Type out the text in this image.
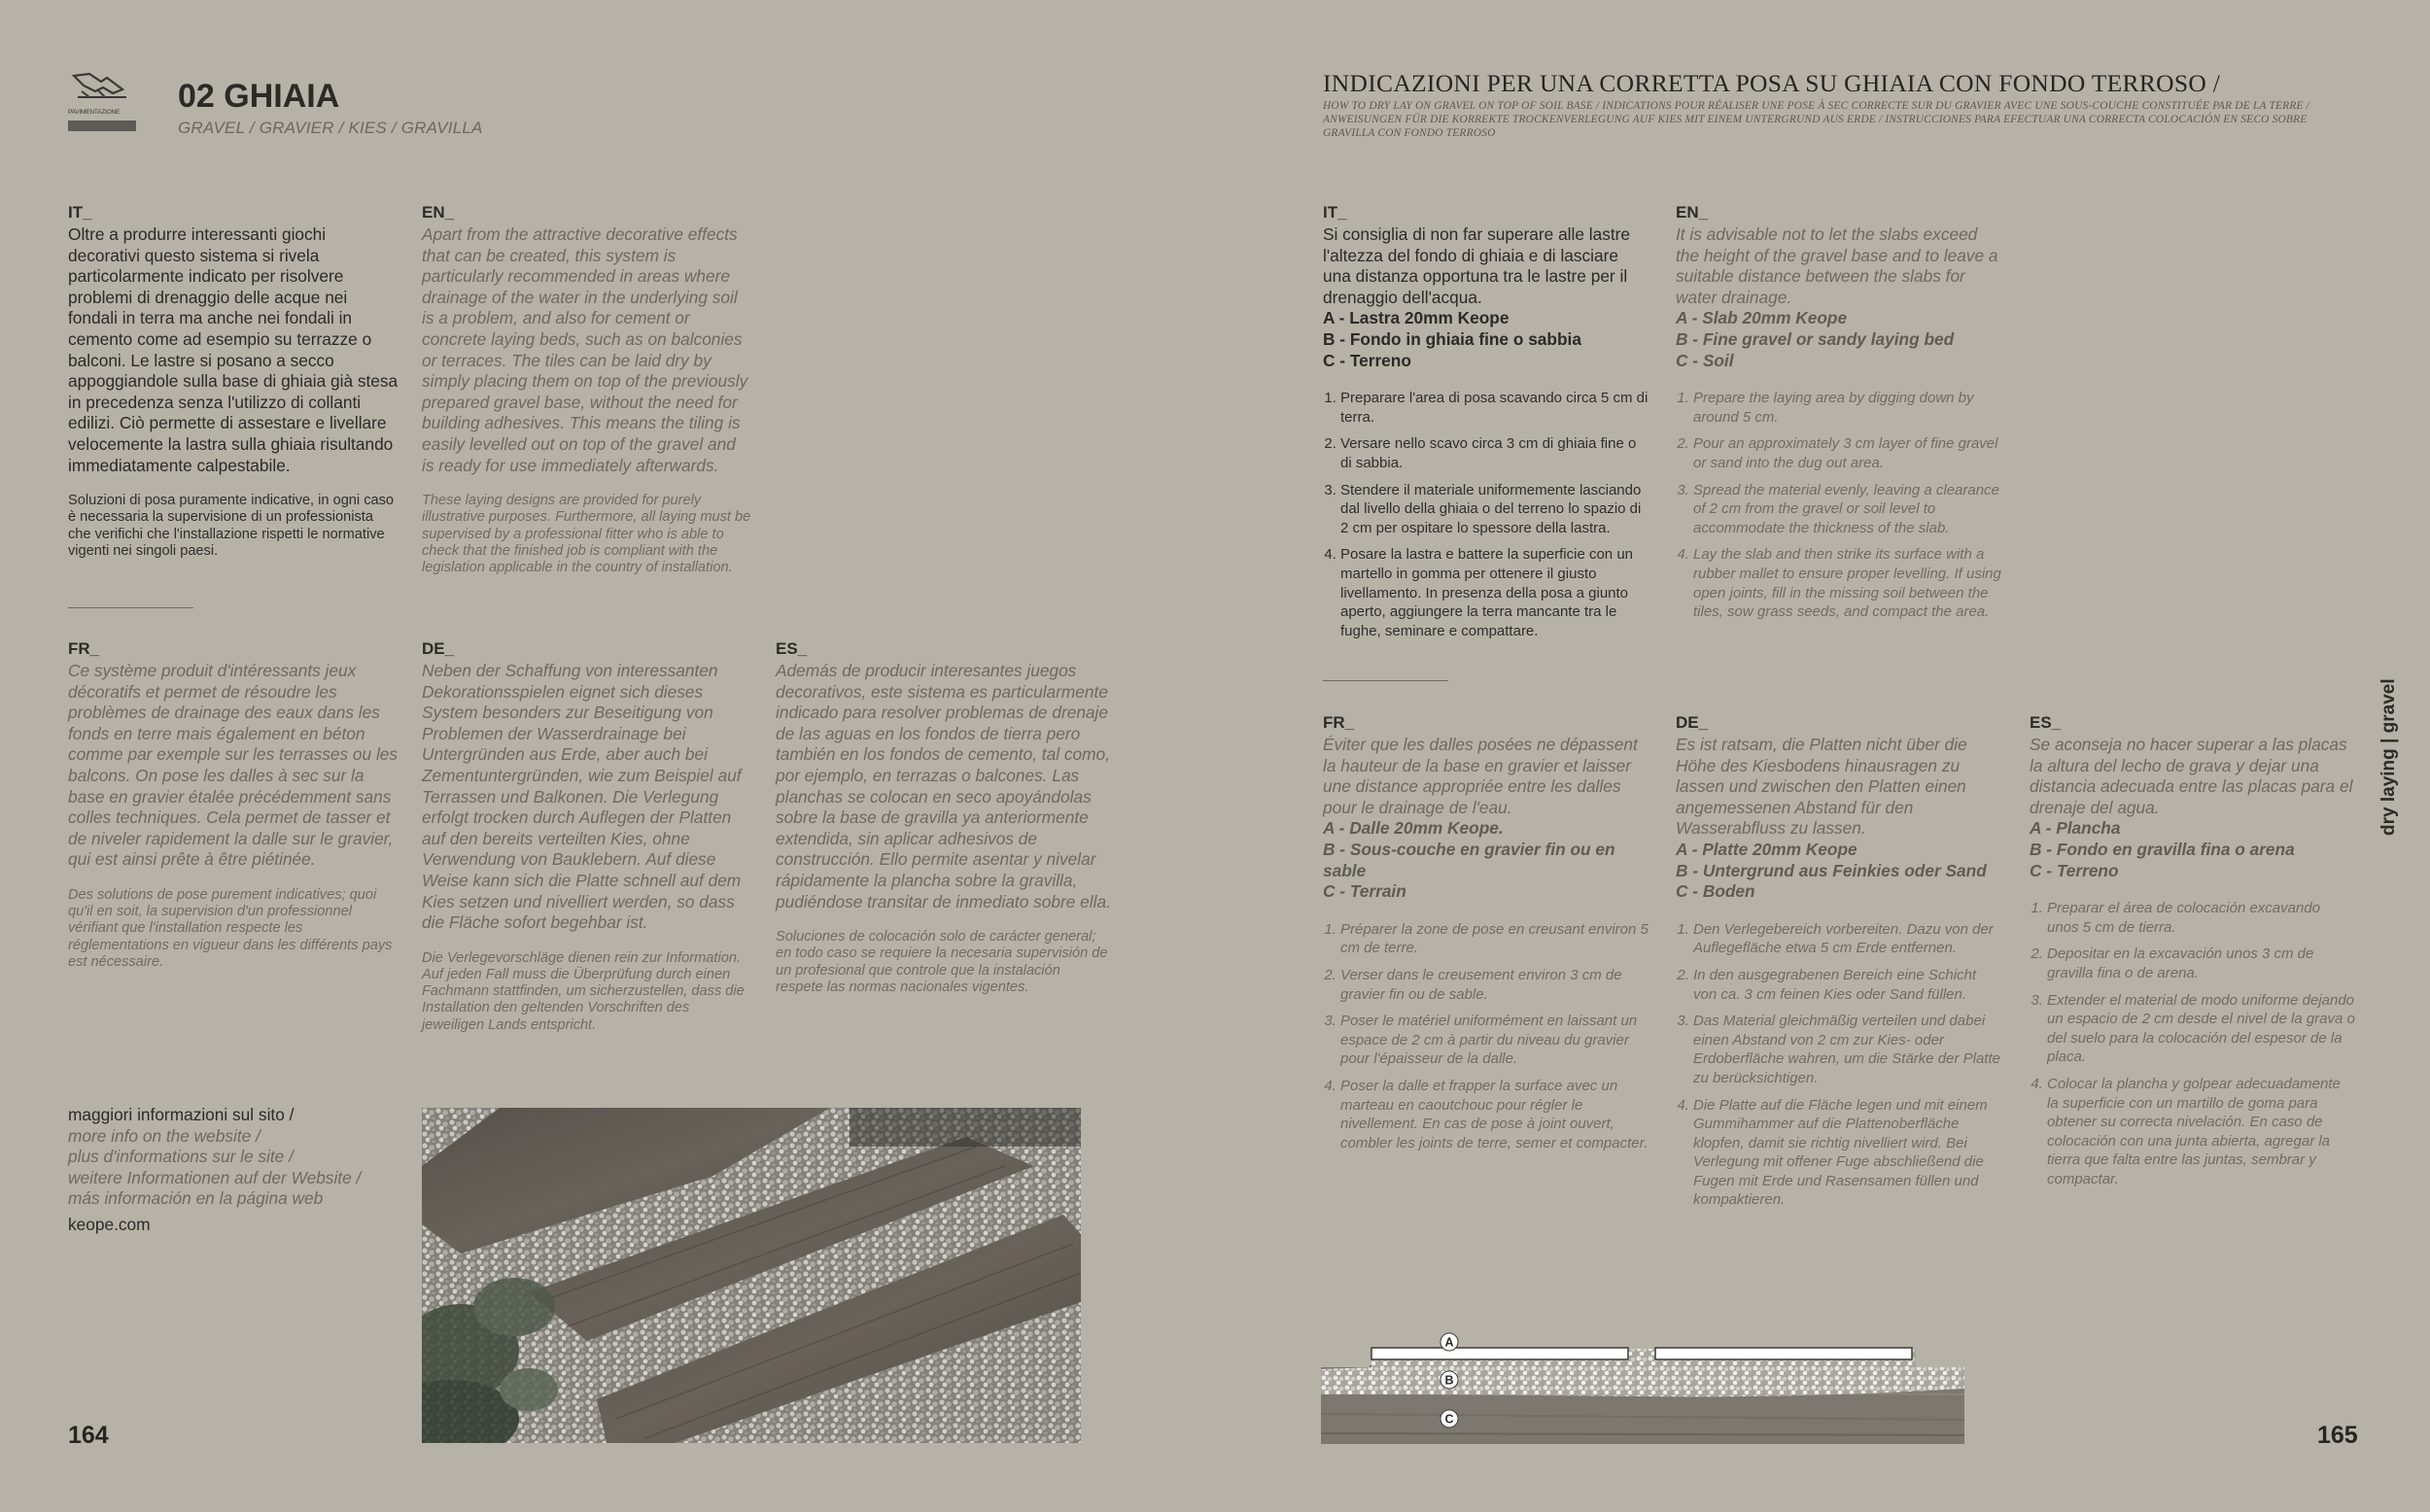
PAVIMENTAZIONE	02 GHIAIA
GRAVEL / GRAVIER / KIES / GRAVILLA
IT_

Oltre a produrre interessanti giochi decorativi questo sistema si rivela particolarmente indicato per risolvere problemi di drenaggio delle acque nei fondali in terra ma anche nei fondali in cemento come ad esempio su terrazze o balconi. Le lastre si posano a secco appoggiandole sulla base di ghiaia già stesa in precedenza senza l'utilizzo di collanti edilizi. Ciò permette di assestare e livellare velocemente la lastra sulla ghiaia risultando immediatamente calpestabile.

Soluzioni di posa puramente indicative, in ogni caso è necessaria la supervisione di un professionista che verifichi che l'installazione rispetti le normative vigenti nei singoli paesi.

EN_

Apart from the attractive decorative effects that can be created, this system is particularly recommended in areas where drainage of the water in the underlying soil is a problem, and also for cement or concrete laying beds, such as on balconies or terraces. The tiles can be laid dry by simply placing them on top of the previously prepared gravel base, without the need for building adhesives. This means the tiling is easily levelled out on top of the gravel and is ready for use immediately afterwards.

These laying designs are provided for purely illustrative purposes. Furthermore, all laying must be supervised by a professional fitter who is able to check that the finished job is compliant with the legislation applicable in the country of installation.

FR_

Ce système produit d'intéressants jeux décoratifs et permet de résoudre les problèmes de drainage des eaux dans les fonds en terre mais également en béton comme par exemple sur les terrasses ou les balcons. On pose les dalles à sec sur la base en gravier étalée précédemment sans colles techniques. Cela permet de tasser et de niveler rapidement la dalle sur le gravier, qui est ainsi prête à être piétinée.

Des solutions de pose purement indicatives; quoi qu'il en soit, la supervision d'un professionnel vérifiant que l'installation respecte les réglementations en vigueur dans les différents pays est nécessaire.

DE_

Neben der Schaffung von interessanten Dekorationsspielen eignet sich dieses System besonders zur Beseitigung von Problemen der Wasserdrainage bei Untergründen aus Erde, aber auch bei Zementuntergründen, wie zum Beispiel auf Terrassen und Balkonen. Die Verlegung erfolgt trocken durch Auflegen der Platten auf den bereits verteilten Kies, ohne Verwendung von Bauklebern. Auf diese Weise kann sich die Platte schnell auf dem Kies setzen und nivelliert werden, so dass die Fläche sofort begehbar ist.

Die Verlegevorschläge dienen rein zur Information. Auf jeden Fall muss die Überprüfung durch einen Fachmann stattfinden, um sicherzustellen, dass die Installation den geltenden Vorschriften des jeweiligen Lands entspricht.

ES_

Además de producir interesantes juegos decorativos, este sistema es particularmente indicado para resolver problemas de drenaje de las aguas en los fondos de tierra pero también en los fondos de cemento, tal como, por ejemplo, en terrazas o balcones. Las planchas se colocan en seco apoyándolas sobre la base de gravilla ya anteriormente extendida, sin aplicar adhesivos de construcción. Ello permite asentar y nivelar rápidamente la plancha sobre la gravilla, pudiéndose transitar de inmediato sobre ella.

Soluciones de colocación solo de carácter general; en todo caso se requiere la necesaria supervisión de un profesional que controle que la instalación respete las normas nacionales vigentes.

maggiori informazioni sul sito /
more info on the website /
plus d'informations sur le site /
weitere Informationen auf der Website /
más información en la página web
keope.com
164
INDICAZIONI PER UNA CORRETTA POSA SU GHIAIA CON FONDO TERROSO /
HOW TO DRY LAY ON GRAVEL ON TOP OF SOIL BASE / INDICATIONS POUR RÉALISER UNE POSE À SEC CORRECTE SUR DU GRAVIER AVEC UNE SOUS-COUCHE CONSTITUÉE PAR DE LA TERRE / ANWEISUNGEN FÜR DIE KORREKTE TROCKENVERLEGUNG AUF KIES MIT EINEM UNTERGRUND AUS ERDE / INSTRUCCIONES PARA EFECTUAR UNA CORRECTA COLOCACIÓN EN SECO SOBRE GRAVILLA CON FONDO TERROSO
IT_

Si consiglia di non far superare alle lastre l'altezza del fondo di ghiaia e di lasciare una distanza opportuna tra le lastre per il drenaggio dell'acqua.

A - Lastra 20mm Keope
B - Fondo in ghiaia fine o sabbia
C - Terreno
1. Preparare l'area di posa scavando circa 5 cm di terra.
2. Versare nello scavo circa 3 cm di ghiaia fine o di sabbia.
3. Stendere il materiale uniformemente lasciando dal livello della ghiaia o del terreno lo spazio di 2 cm per ospitare lo spessore della lastra.
4. Posare la lastra e battere la superficie con un martello in gomma per ottenere il giusto livellamento. In presenza della posa a giunto aperto, aggiungere la terra mancante tra le fughe, seminare e compattare.
EN_

It is advisable not to let the slabs exceed the height of the gravel base and to leave a suitable distance between the slabs for water drainage.

A - Slab 20mm Keope
B - Fine gravel or sandy laying bed
C - Soil
1. Prepare the laying area by digging down by around 5 cm.
2. Pour an approximately 3 cm layer of fine gravel or sand into the dug out area.
3. Spread the material evenly, leaving a clearance of 2 cm from the gravel or soil level to accommodate the thickness of the slab.
4. Lay the slab and then strike its surface with a rubber mallet to ensure proper levelling. If using open joints, fill in the missing soil between the tiles, sow grass seeds, and compact the area.
FR_

Éviter que les dalles posées ne dépassent la hauteur de la base en gravier et laisser une distance appropriée entre les dalles pour le drainage de l'eau.

A - Dalle 20mm Keope.
B - Sous-couche en gravier fin ou en sable
C - Terrain
1. Préparer la zone de pose en creusant environ 5 cm de terre.
2. Verser dans le creusement environ 3 cm de gravier fin ou de sable.
3. Poser le matériel uniformément en laissant un espace de 2 cm à partir du niveau du gravier pour l'épaisseur de la dalle.
4. Poser la dalle et frapper la surface avec un marteau en caoutchouc pour régler le nivellement. En cas de pose à joint ouvert, combler les joints de terre, semer et compacter.
DE_

Es ist ratsam, die Platten nicht über die Höhe des Kiesbodens hinausragen zu lassen und zwischen den Platten einen angemessenen Abstand für den Wasserabfluss zu lassen.

A - Platte 20mm Keope
B - Untergrund aus Feinkies oder Sand
C - Boden
1. Den Verlegebereich vorbereiten. Dazu von der Auflegefläche etwa 5 cm Erde entfernen.
2. In den ausgegrabenen Bereich eine Schicht von ca. 3 cm feinen Kies oder Sand füllen.
3. Das Material gleichmäßig verteilen und dabei einen Abstand von 2 cm zur Kies- oder Erdoberfläche wahren, um die Stärke der Platte zu berücksichtigen.
4. Die Platte auf die Fläche legen und mit einem Gummihammer auf die Plattenoberfläche klopfen, damit sie richtig nivelliert wird. Bei Verlegung mit offener Fuge abschließend die Fugen mit Erde und Rasensamen füllen und kompaktieren.
ES_

Se aconseja no hacer superar a las placas la altura del lecho de grava y dejar una distancia adecuada entre las placas para el drenaje del agua.

A - Plancha
B - Fondo en gravilla fina o arena
C - Terreno
1. Preparar el área de colocación excavando unos 5 cm de tierra.
2. Depositar en la excavación unos 3 cm de gravilla fina o de arena.
3. Extender el material de modo uniforme dejando un espacio de 2 cm desde el nivel de la grava o del suelo para la colocación del espesor de la placa.
4. Colocar la plancha y golpear adecuadamente la superficie con un martillo de goma para obtener su correcta nivelación. En caso de colocación con una junta abierta, agregar la tierra que falta entre las juntas, sembrar y compactar.
dry laying | gravel
A
B
C
165
